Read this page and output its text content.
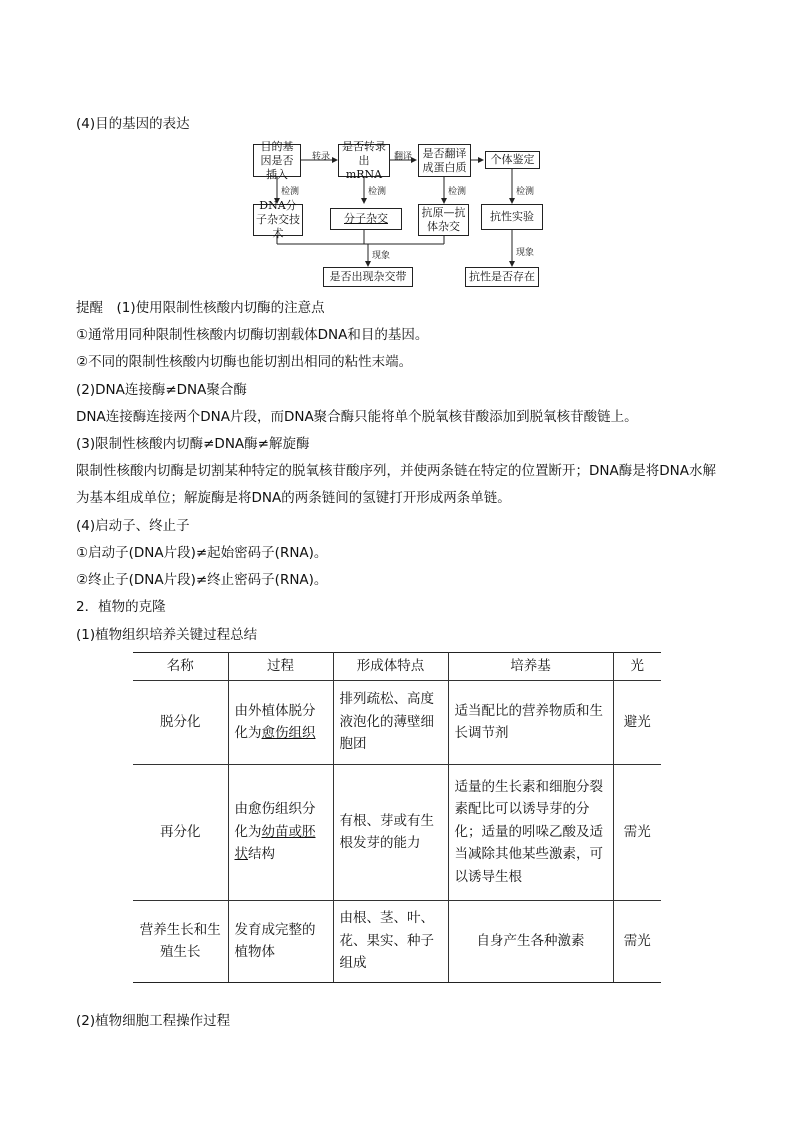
(4)目的基因的表达
目的基因是否插入
是否转录出mRNA
是否翻译成蛋白质
个体鉴定
DNA分子杂交技术
分子杂交	抗原—抗体杂交
抗性实验
是否出现杂交带	抗性是否存在
转录	翻译
检测	检测	检测	检测
现象	现象
提醒　(1)使用限制性核酸内切酶的注意点
①通常用同种限制性核酸内切酶切割载体DNA和目的基因。
②不同的限制性核酸内切酶也能切割出相同的粘性末端。
(2)DNA连接酶≠DNA聚合酶
DNA连接酶连接两个DNA片段，而DNA聚合酶只能将单个脱氧核苷酸添加到脱氧核苷酸链上。
(3)限制性核酸内切酶≠DNA酶≠解旋酶
限制性核酸内切酶是切割某种特定的脱氧核苷酸序列，并使两条链在特定的位置断开；DNA酶是将DNA水解为基本组成单位；解旋酶是将DNA的两条链间的氢键打开形成两条单链。
(4)启动子、终止子
①启动子(DNA片段)≠起始密码子(RNA)。
②终止子(DNA片段)≠终止密码子(RNA)。
2．植物的克隆
(1)植物组织培养关键过程总结
名称	过程	形成体特点	培养基	光
脱分化	由外植体脱分化为愈伤组织	排列疏松、高度液泡化的薄壁细胞团	适当配比的营养物质和生长调节剂	避光
再分化	由愈伤组织分化为幼苗或胚状结构	有根、芽或有生根发芽的能力	适量的生长素和细胞分裂素配比可以诱导芽的分化；适量的吲哚乙酸及适当减除其他某些激素，可以诱导生根	需光
营养生长和生殖生长	发育成完整的植物体	由根、茎、叶、花、果实、种子组成	自身产生各种激素	需光
(2)植物细胞工程操作过程
